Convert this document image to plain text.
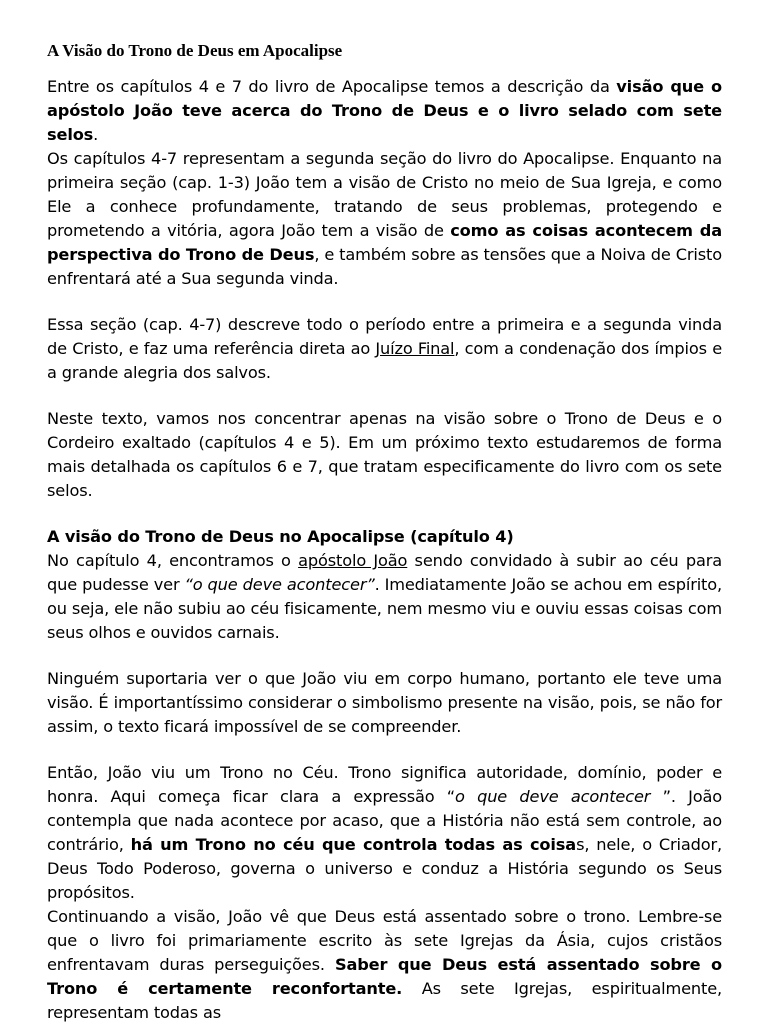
A Visão do Trono de Deus em Apocalipse

Entre os capítulos 4 e 7 do livro de Apocalipse temos a descrição da visão que o apóstolo João teve acerca do Trono de Deus e o livro selado com sete selos.

Os capítulos 4-7 representam a segunda seção do livro do Apocalipse. Enquanto na primeira seção (cap. 1-3) João tem a visão de Cristo no meio de Sua Igreja, e como Ele a conhece profundamente, tratando de seus problemas, protegendo e prometendo a vitória, agora João tem a visão de como as coisas acontecem da perspectiva do Trono de Deus, e também sobre as tensões que a Noiva de Cristo enfrentará até a Sua segunda vinda.

Essa seção (cap. 4-7) descreve todo o período entre a primeira e a segunda vinda de Cristo, e faz uma referência direta ao Juízo Final, com a condenação dos ímpios e a grande alegria dos salvos.

Neste texto, vamos nos concentrar apenas na visão sobre o Trono de Deus e o Cordeiro exaltado (capítulos 4 e 5). Em um próximo texto estudaremos de forma mais detalhada os capítulos 6 e 7, que tratam especificamente do livro com os sete selos.

A visão do Trono de Deus no Apocalipse (capítulo 4)

No capítulo 4, encontramos o apóstolo João sendo convidado à subir ao céu para que pudesse ver “o que deve acontecer”. Imediatamente João se achou em espírito, ou seja, ele não subiu ao céu fisicamente, nem mesmo viu e ouviu essas coisas com seus olhos e ouvidos carnais.

Ninguém suportaria ver o que João viu em corpo humano, portanto ele teve uma visão. É importantíssimo considerar o simbolismo presente na visão, pois, se não for assim, o texto ficará impossível de se compreender.

Então, João viu um Trono no Céu. Trono significa autoridade, domínio, poder e honra. Aqui começa ficar clara a expressão “o que deve acontecer ”. João contempla que nada acontece por acaso, que a História não está sem controle, ao contrário, há um Trono no céu que controla todas as coisas, nele, o Criador, Deus Todo Poderoso, governa o universo e conduz a História segundo os Seus propósitos.

Continuando a visão, João vê que Deus está assentado sobre o trono. Lembre-se que o livro foi primariamente escrito às sete Igrejas da Ásia, cujos cristãos enfrentavam duras perseguições. Saber que Deus está assentado sobre o Trono é certamente reconfortante. As sete Igrejas, espiritualmente, representam todas as
